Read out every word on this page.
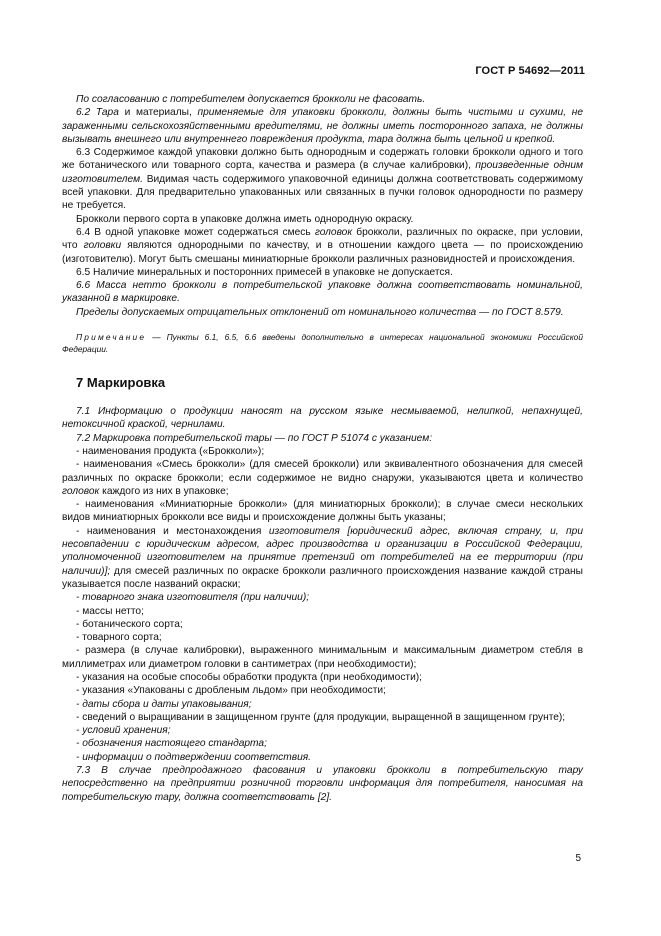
ГОСТ Р 54692—2011

По согласованию с потребителем допускается брокколи не фасовать.

6.2 Тара и материалы, применяемые для упаковки брокколи, должны быть чистыми и сухими, не зараженными сельскохозяйственными вредителями, не должны иметь посторонного запаха, не должны вызывать внешнего или внутреннего повреждения продукта, тара должна быть цельной и крепкой.

6.3 Содержимое каждой упаковки должно быть однородным и содержать головки брокколи одного и того же ботанического или товарного сорта, качества и размера (в случае калибровки), произведенные одним изготовителем. Видимая часть содержимого упаковочной единицы должна соответствовать содержимому всей упаковки. Для предварительно упакованных или связанных в пучки головок однородности по размеру не требуется.

Брокколи первого сорта в упаковке должна иметь однородную окраску.

6.4 В одной упаковке может содержаться смесь головок брокколи, различных по окраске, при условии, что головки являются однородными по качеству, и в отношении каждого цвета — по происхождению (изготовителю). Могут быть смешаны миниатюрные брокколи различных разновидностей и происхождения.

6.5 Наличие минеральных и посторонних примесей в упаковке не допускается.

6.6 Масса нетто брокколи в потребительской упаковке должна соответствовать номинальной, указанной в маркировке.

Пределы допускаемых отрицательных отклонений от номинального количества — по ГОСТ 8.579.

Примечание — Пункты 6.1, 6.5, 6.6 введены дополнительно в интересах национальной экономики Российской Федерации.
7 Маркировка

7.1 Информацию о продукции наносят на русском языке несмываемой, нелипкой, непахнущей, нетоксичной краской, чернилами.

7.2 Маркировка потребительской тары — по ГОСТ Р 51074 с указанием:

- наименования продукта («Брокколи»);

- наименования «Смесь брокколи» (для смесей брокколи) или эквивалентного обозначения для смесей различных по окраске брокколи; если содержимое не видно снаружи, указываются цвета и количество головок каждого из них в упаковке;

- наименования «Миниатюрные брокколи» (для миниатюрных брокколи); в случае смеси нескольких видов миниатюрных брокколи все виды и происхождение должны быть указаны;

- наименования и местонахождения изготовителя [юридический адрес, включая страну, и, при несовпадении с юридическим адресом, адрес производства и организации в Российской Федерации, уполномоченной изготовителем на принятие претензий от потребителей на ее территории (при наличии)]; для смесей различных по окраске брокколи различного происхождения название каждой страны указывается после названий окраски;

- товарного знака изготовителя (при наличии);

- массы нетто;

- ботанического сорта;

- товарного сорта;

- размера (в случае калибровки), выраженного минимальным и максимальным диаметром стебля в миллиметрах или диаметром головки в сантиметрах (при необходимости);

- указания на особые способы обработки продукта (при необходимости);

- указания «Упакованы с дробленым льдом» при необходимости;

- даты сбора и даты упаковывания;

- сведений о выращивании в защищенном грунте (для продукции, выращенной в защищенном грунте);

- условий хранения;

- обозначения настоящего стандарта;

- информации о подтверждении соответствия.

7.3 В случае предпродажного фасования и упаковки брокколи в потребительскую тару непосредственно на предприятии розничной торговли информация для потребителя, наносимая на потребительскую тару, должна соответствовать [2].

5
